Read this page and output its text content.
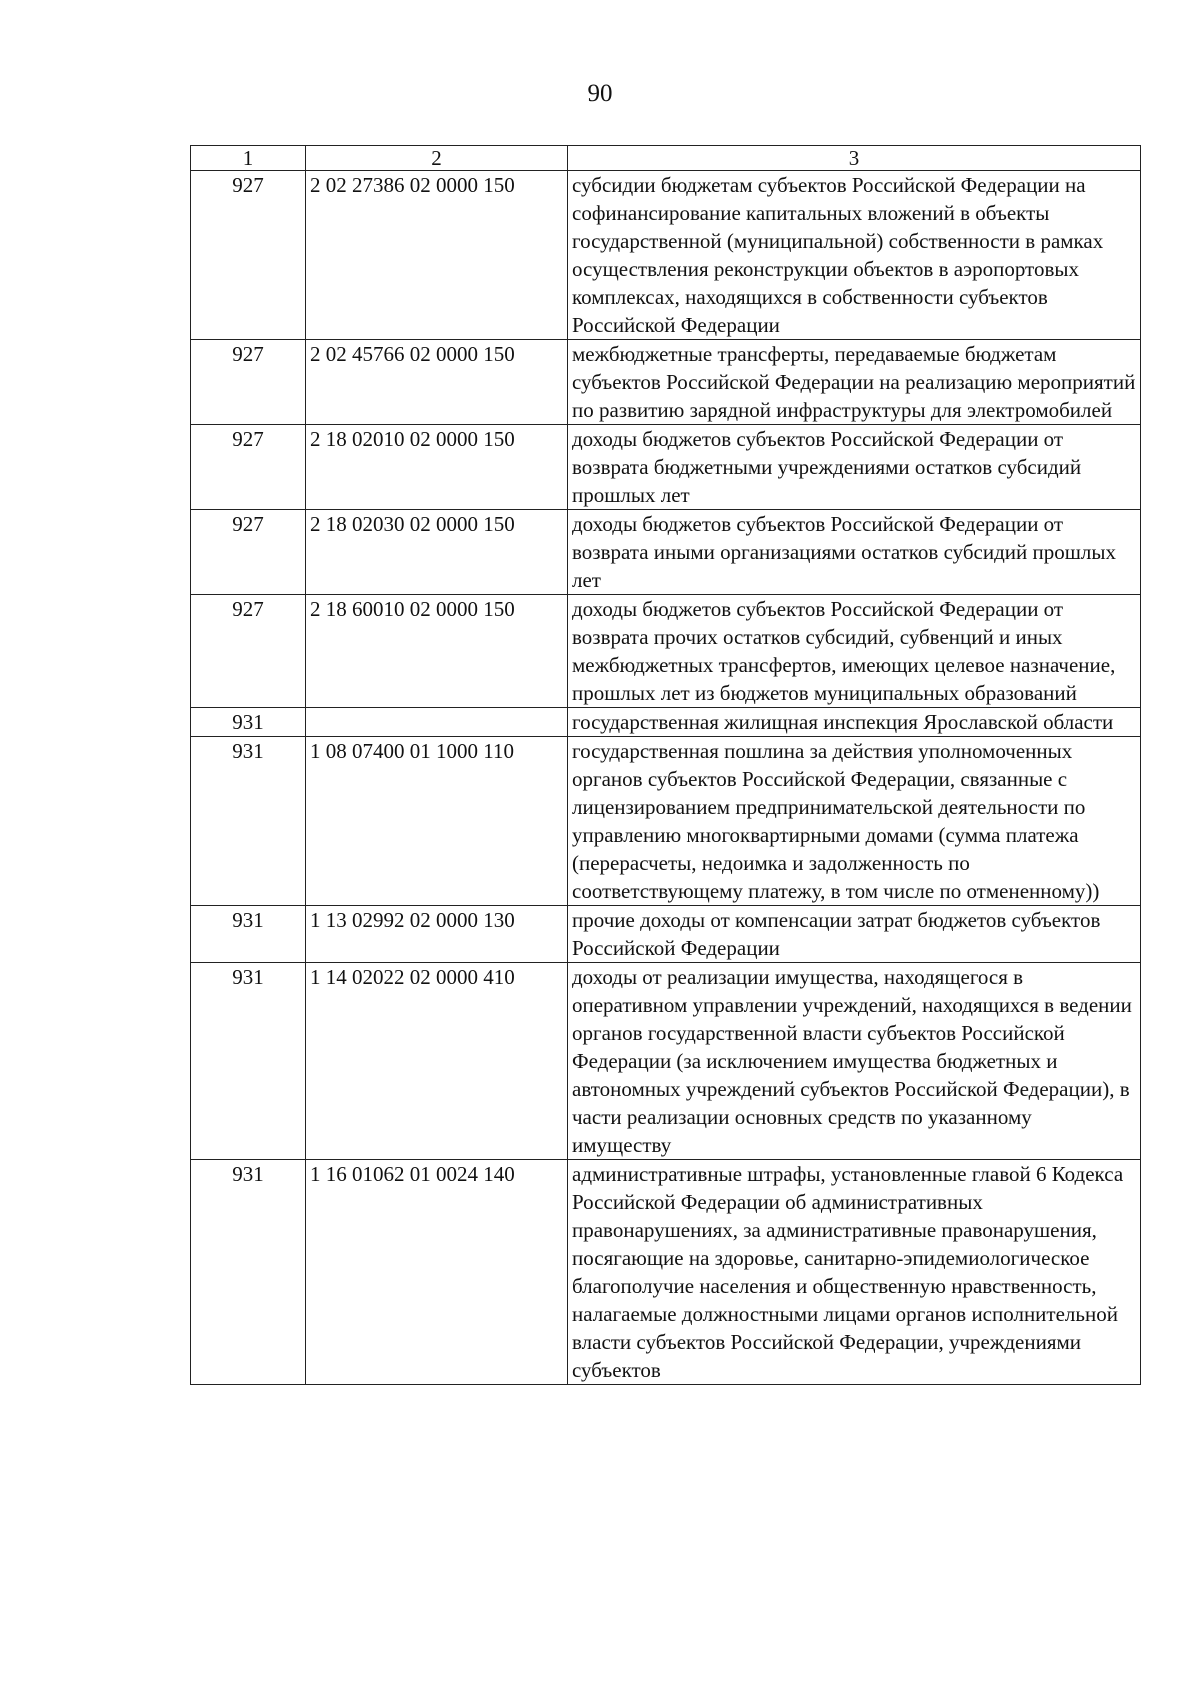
90
1	2	3
927	2 02 27386 02 0000 150	субсидии бюджетам субъектов Российской Федерации на софинансирование капитальных вложений в объекты государственной (муниципальной) собственности в рамках осуществления реконструкции объектов в аэропортовых комплексах, находящихся в собственности субъектов Российской Федерации
927	2 02 45766 02 0000 150	межбюджетные трансферты, передаваемые бюджетам субъектов Российской Федерации на реализацию мероприятий по развитию зарядной инфраструктуры для электромобилей
927	2 18 02010 02 0000 150	доходы бюджетов субъектов Российской Федерации от возврата бюджетными учреждениями остатков субсидий прошлых лет
927	2 18 02030 02 0000 150	доходы бюджетов субъектов Российской Федерации от возврата иными организациями остатков субсидий прошлых лет
927	2 18 60010 02 0000 150	доходы бюджетов субъектов Российской Федерации от возврата прочих остатков субсидий, субвенций и иных межбюджетных трансфертов, имеющих целевое назначение, прошлых лет из бюджетов муниципальных образований
931		государственная жилищная инспекция Ярославской области
931	1 08 07400 01 1000 110	государственная пошлина за действия уполномоченных органов субъектов Российской Федерации, связанные с лицензированием предпринимательской деятельности по управлению многоквартирными домами (сумма платежа (перерасчеты, недоимка и задолженность по соответствующему платежу, в том числе по отмененному))
931	1 13 02992 02 0000 130	прочие доходы от компенсации затрат бюджетов субъектов Российской Федерации
931	1 14 02022 02 0000 410	доходы от реализации имущества, находящегося в оперативном управлении учреждений, находящихся в ведении органов государственной власти субъектов Российской Федерации (за исключением имущества бюджетных и автономных учреждений субъектов Российской Федерации), в части реализации основных средств по указанному имуществу
931	1 16 01062 01 0024 140	административные штрафы, установленные главой 6 Кодекса Российской Федерации об административных правонарушениях, за административные правонарушения, посягающие на здоровье, санитарно-эпидемиологическое благополучие населения и общественную нравственность, налагаемые должностными лицами органов исполнительной власти субъектов Российской Федерации, учреждениями субъектов
